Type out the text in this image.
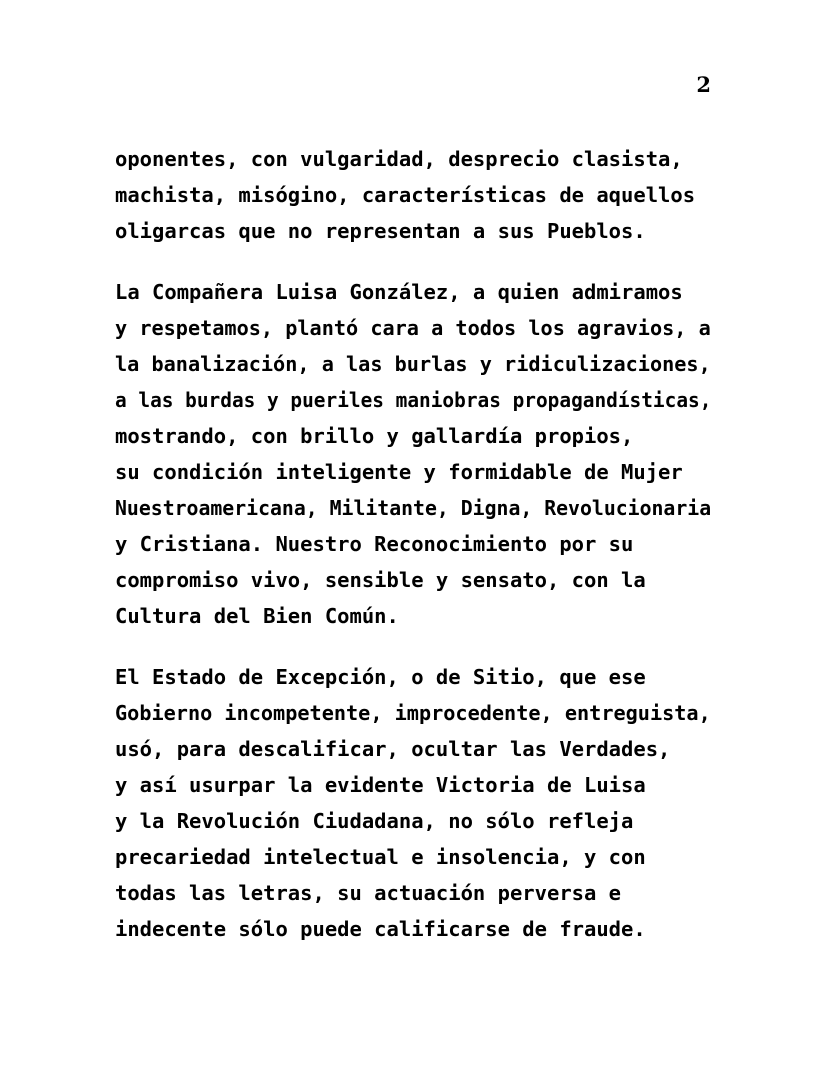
2
oponentes, con vulgaridad, desprecio clasista,
machista, misógino, características de aquellos
oligarcas que no representan a sus Pueblos.
La Compañera Luisa González, a quien admiramos
y respetamos, plantó cara a todos los agravios, a
la banalización, a las burlas y ridiculizaciones,
a las burdas y pueriles maniobras propagandísticas,
mostrando, con brillo y gallardía propios,
su condición inteligente y formidable de Mujer
Nuestroamericana, Militante, Digna, Revolucionaria
y Cristiana. Nuestro Reconocimiento por su
compromiso vivo, sensible y sensato, con la
Cultura del Bien Común.
El Estado de Excepción, o de Sitio, que ese
Gobierno incompetente, improcedente, entreguista,
usó, para descalificar, ocultar las Verdades,
y así usurpar la evidente Victoria de Luisa
y la Revolución Ciudadana, no sólo refleja
precariedad intelectual e insolencia, y con
todas las letras, su actuación perversa e
indecente sólo puede calificarse de fraude.
